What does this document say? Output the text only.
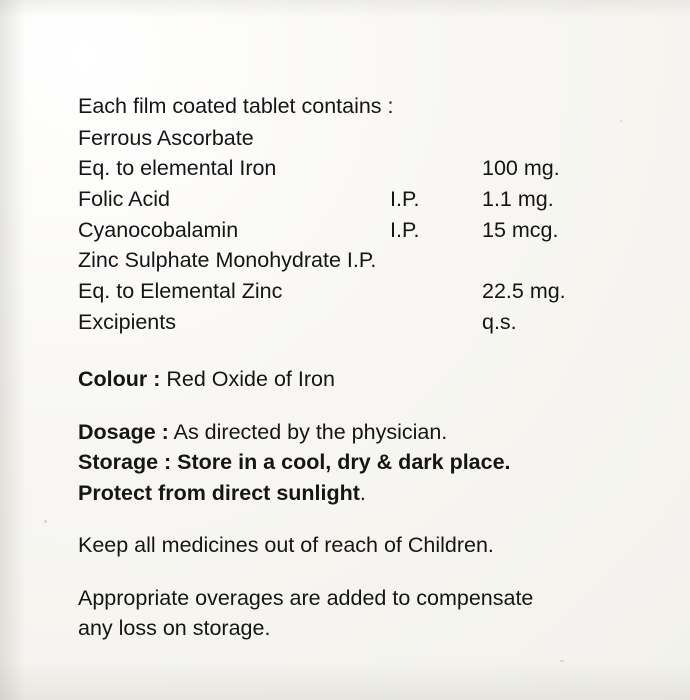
Each film coated tablet contains :		
Ferrous Ascorbate		
Eq. to elemental Iron		100 mg.
Folic Acid	I.P.	1.1 mg.
Cyanocobalamin	I.P.	15 mcg.
Zinc Sulphate Monohydrate I.P.		
Eq. to Elemental Zinc		22.5 mg.
Excipients		q.s.
Colour : Red Oxide of Iron
Dosage : As directed by the physician.
Storage : Store in a cool, dry & dark place.
Protect from direct sunlight.
Keep all medicines out of reach of Children.
Appropriate overages are added to compensate
any loss on storage.
